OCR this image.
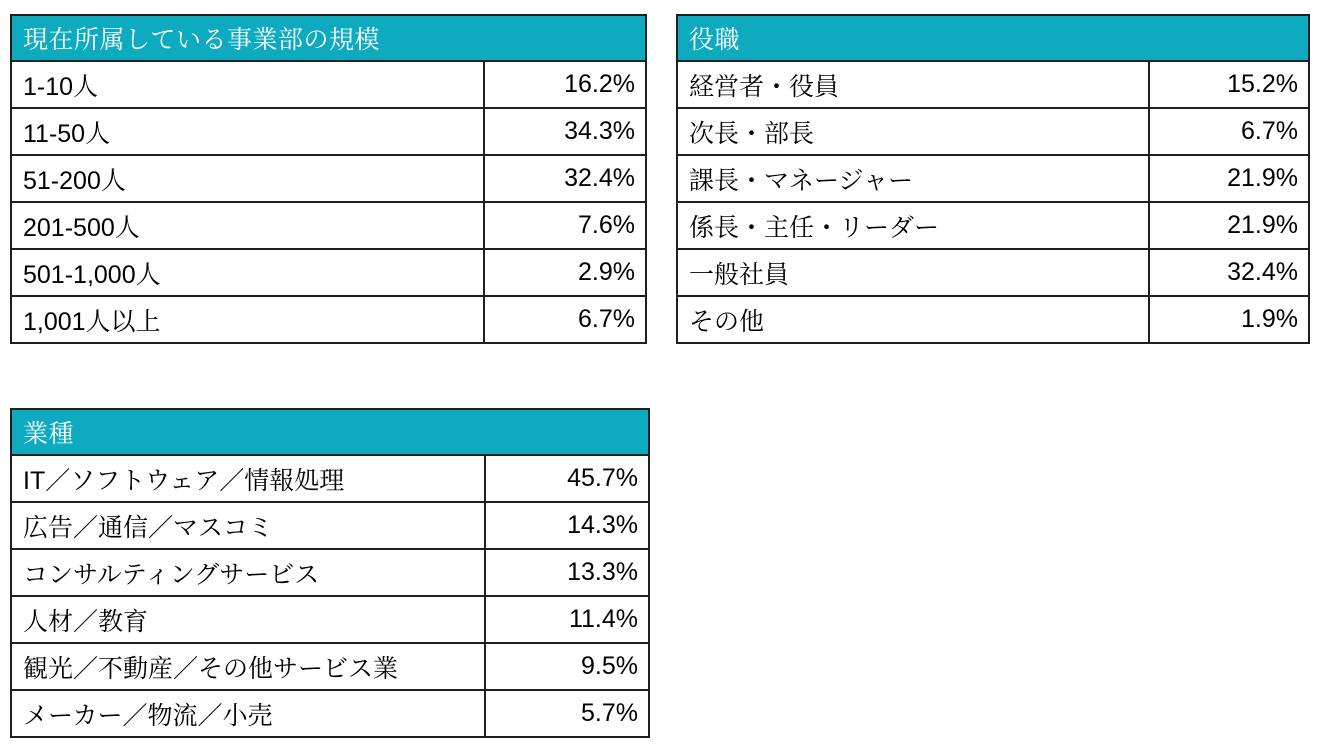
現在所属している事業部の規模
1-10人	16.2%
11-50人	34.3%
51-200人	32.4%
201-500人	7.6%
501-1,000人	2.9%
1,001人以上	6.7%
役職
経営者・役員	15.2%
次長・部長	6.7%
課長・マネージャー	21.9%
係長・主任・リーダー	21.9%
一般社員	32.4%
その他	1.9%
業種
IT／ソフトウェア／情報処理	45.7%
広告／通信／マスコミ	14.3%
コンサルティングサービス	13.3%
人材／教育	11.4%
観光／不動産／その他サービス業	9.5%
メーカー／物流／小売	5.7%
